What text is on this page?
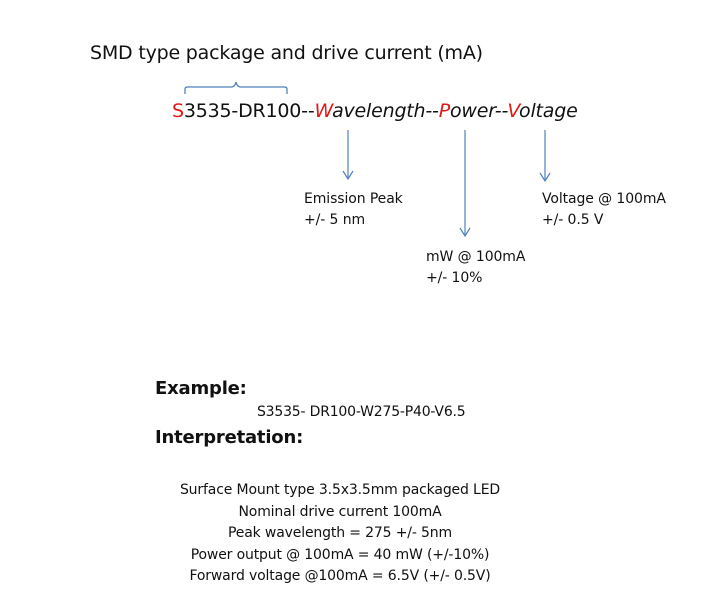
SMD type package and drive current (mA)
S3535-DR100--Wavelength--Power--Voltage
Emission Peak
+/- 5 nm
mW @ 100mA
+/- 10%
Voltage @ 100mA
+/- 0.5 V
Example:
S3535- DR100-W275-P40-V6.5
Interpretation:
Surface Mount type 3.5x3.5mm packaged LED
Nominal drive current 100mA
Peak wavelength = 275 +/- 5nm
Power output @ 100mA = 40 mW (+/-10%)
Forward voltage @100mA = 6.5V (+/- 0.5V)
